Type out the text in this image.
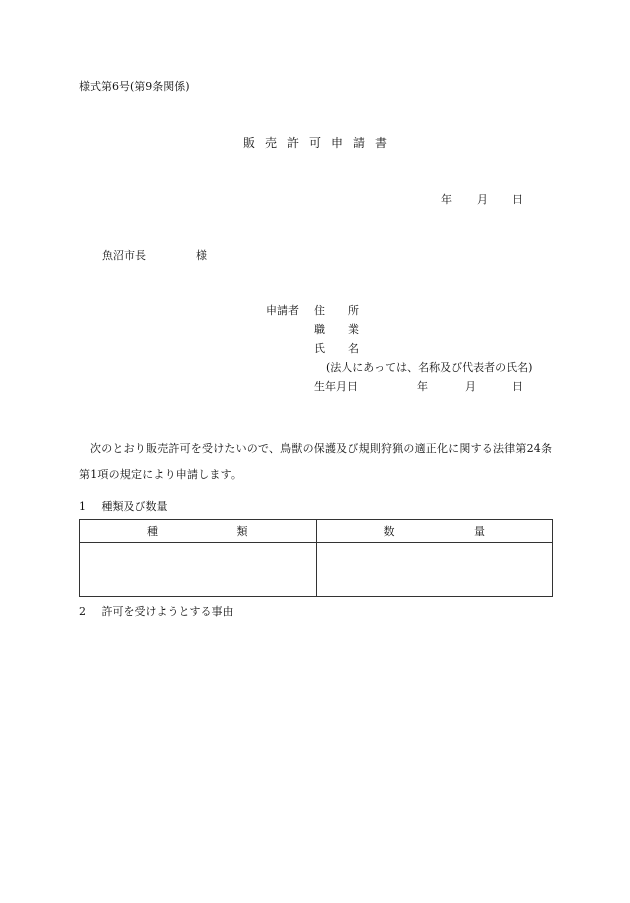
様式第6号(第9条関係)
販売許可申請書
年 月 日
魚沼市長	様
申請者 住 所
職 業
氏 名
(法人にあっては、名称及び代表者の氏名)
生年月日	年	月	日
次のとおり販売許可を受けたいので、鳥獣の保護及び規則狩猟の適正化に関する法律第24条第1項の規定により申請します。
1 種類及び数量
種 類	数 量

2 許可を受けようとする事由
